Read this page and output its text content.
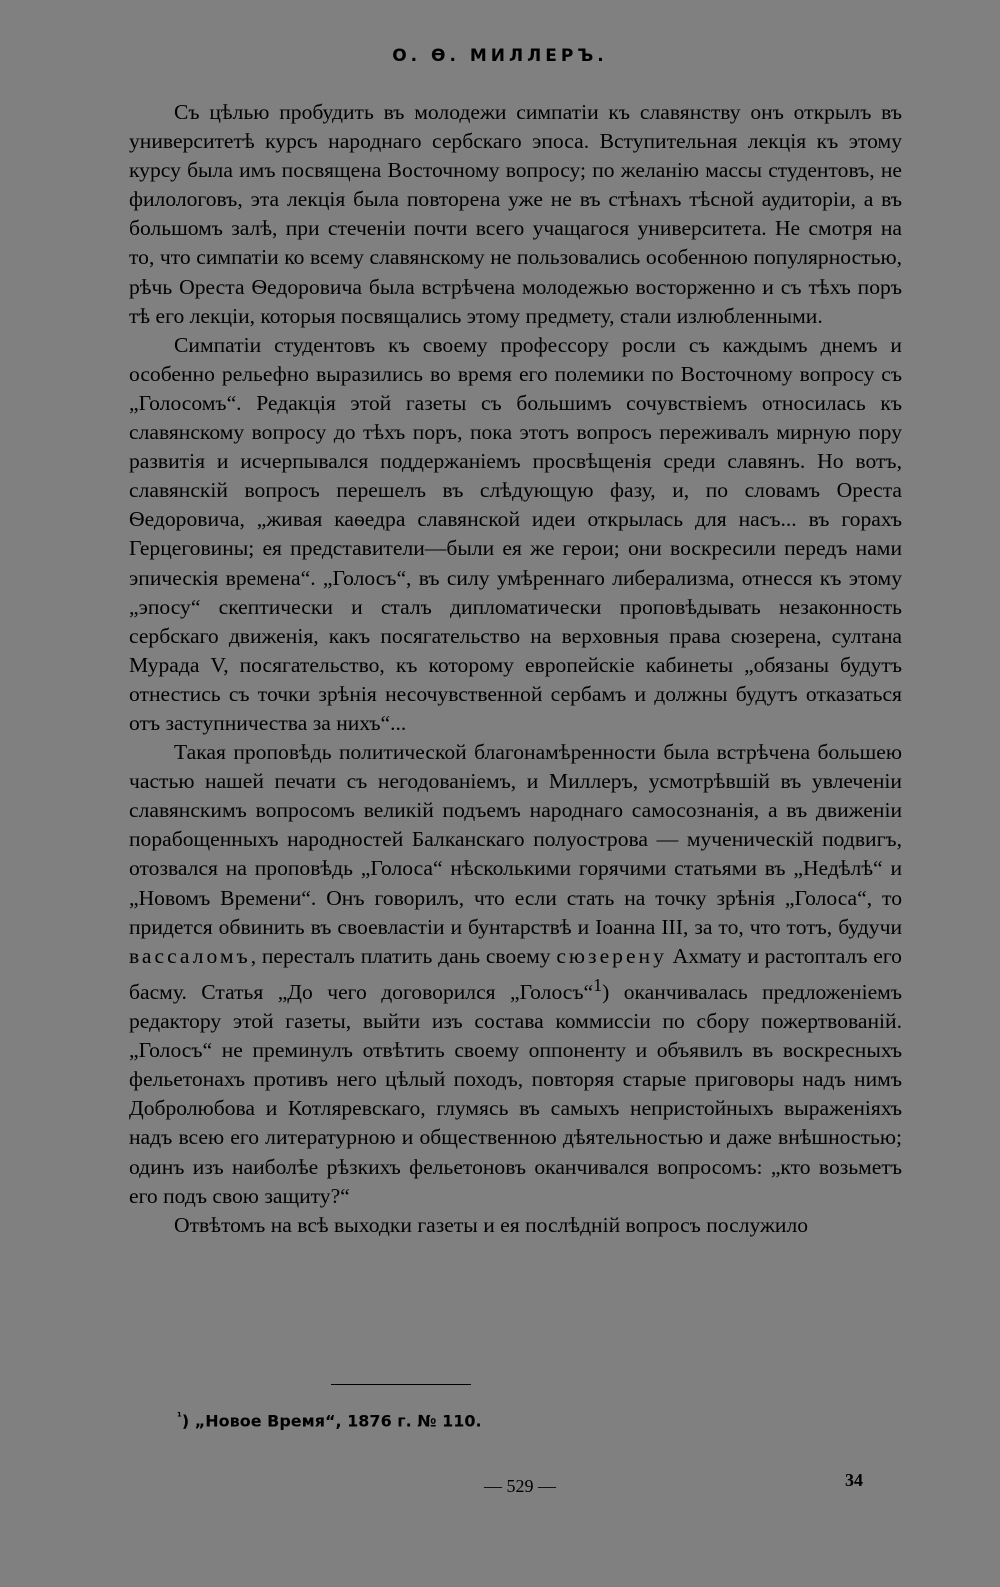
О. Ѳ. МИЛЛЕРЪ.

Съ цѣлью пробудить въ молодежи симпатіи къ славянству онъ открылъ въ университетѣ курсъ народнаго сербскаго эпоса. Вступительная лекція къ этому курсу была имъ посвящена Восточному вопросу; по желанію массы студентовъ, не филологовъ, эта лекція была повторена уже не въ стѣнахъ тѣсной аудиторіи, а въ большомъ залѣ, при стеченіи почти всего учащагося университета. Не смотря на то, что симпатіи ко всему славянскому не пользовались особенною популярностью, рѣчь Ореста Ѳедоровича была встрѣчена молодежью восторженно и съ тѣхъ поръ тѣ его лекціи, которыя посвящались этому предмету, стали излюбленными.

Симпатіи студентовъ къ своему профессору росли съ каждымъ днемъ и особенно рельефно выразились во время его полемики по Восточному вопросу съ „Голосомъ“. Редакція этой газеты съ большимъ сочувствіемъ относилась къ славянскому вопросу до тѣхъ поръ, пока этотъ вопросъ переживалъ мирную пору развитія и исчерпывался поддержаніемъ просвѣщенія среди славянъ. Но вотъ, славянскій вопросъ перешелъ въ слѣдующую фазу, и, по словамъ Ореста Ѳедоровича, „живая каѳедра славянской идеи открылась для насъ... въ горахъ Герцеговины; ея представители—были ея же герои; они воскресили передъ нами эпическія времена“. „Голосъ“, въ силу умѣреннаго либерализма, отнесся къ этому „эпосу“ скептически и сталъ дипломатически проповѣдывать незаконность сербскаго движенія, какъ посягательство на верховныя права сюзерена, султана Мурада V, посягательство, къ которому европейскіе кабинеты „обязаны будутъ отнестись съ точки зрѣнія несочувственной сербамъ и должны будутъ отказаться отъ заступничества за нихъ“...

Такая проповѣдь политической благонамѣренности была встрѣчена большею частью нашей печати съ негодованіемъ, и Миллеръ, усмотрѣвшій въ увлеченіи славянскимъ вопросомъ великій подъемъ народнаго самосознанія, а въ движеніи порабощенныхъ народностей Балканскаго полуострова — мученическій подвигъ, отозвался на проповѣдь „Голоса“ нѣсколькими горячими статьями въ „Недѣлѣ“ и „Новомъ Времени“. Онъ говорилъ, что если стать на точку зрѣнія „Голоса“, то придется обвинить въ своевластіи и бунтарствѣ и Іоанна III, за то, что тотъ, будучи вассаломъ, пересталъ платить дань своему сюзерену Ахмату и растопталъ его басму. Статья „До чего договорился „Голосъ“$^1$) оканчивалась предложеніемъ редактору этой газеты, выйти изъ состава коммиссіи по сбору пожертвованій. „Голосъ“ не преминулъ отвѣтить своему оппоненту и объявилъ въ воскресныхъ фельетонахъ противъ него цѣлый походъ, повторяя старые приговоры надъ нимъ Добролюбова и Котляревскаго, глумясь въ самыхъ непристойныхъ выраженіяхъ надъ всею его литературною и общественною дѣятельностью и даже внѣшностью; одинъ изъ наиболѣе рѣзкихъ фельетоновъ оканчивался вопросомъ: „кто возьметъ его подъ свою защиту?“

Отвѣтомъ на всѣ выходки газеты и ея послѣдній вопросъ послужило

$^{^1}$) „Новое Время“, 1876 г. № 110.
— 529 —	34
